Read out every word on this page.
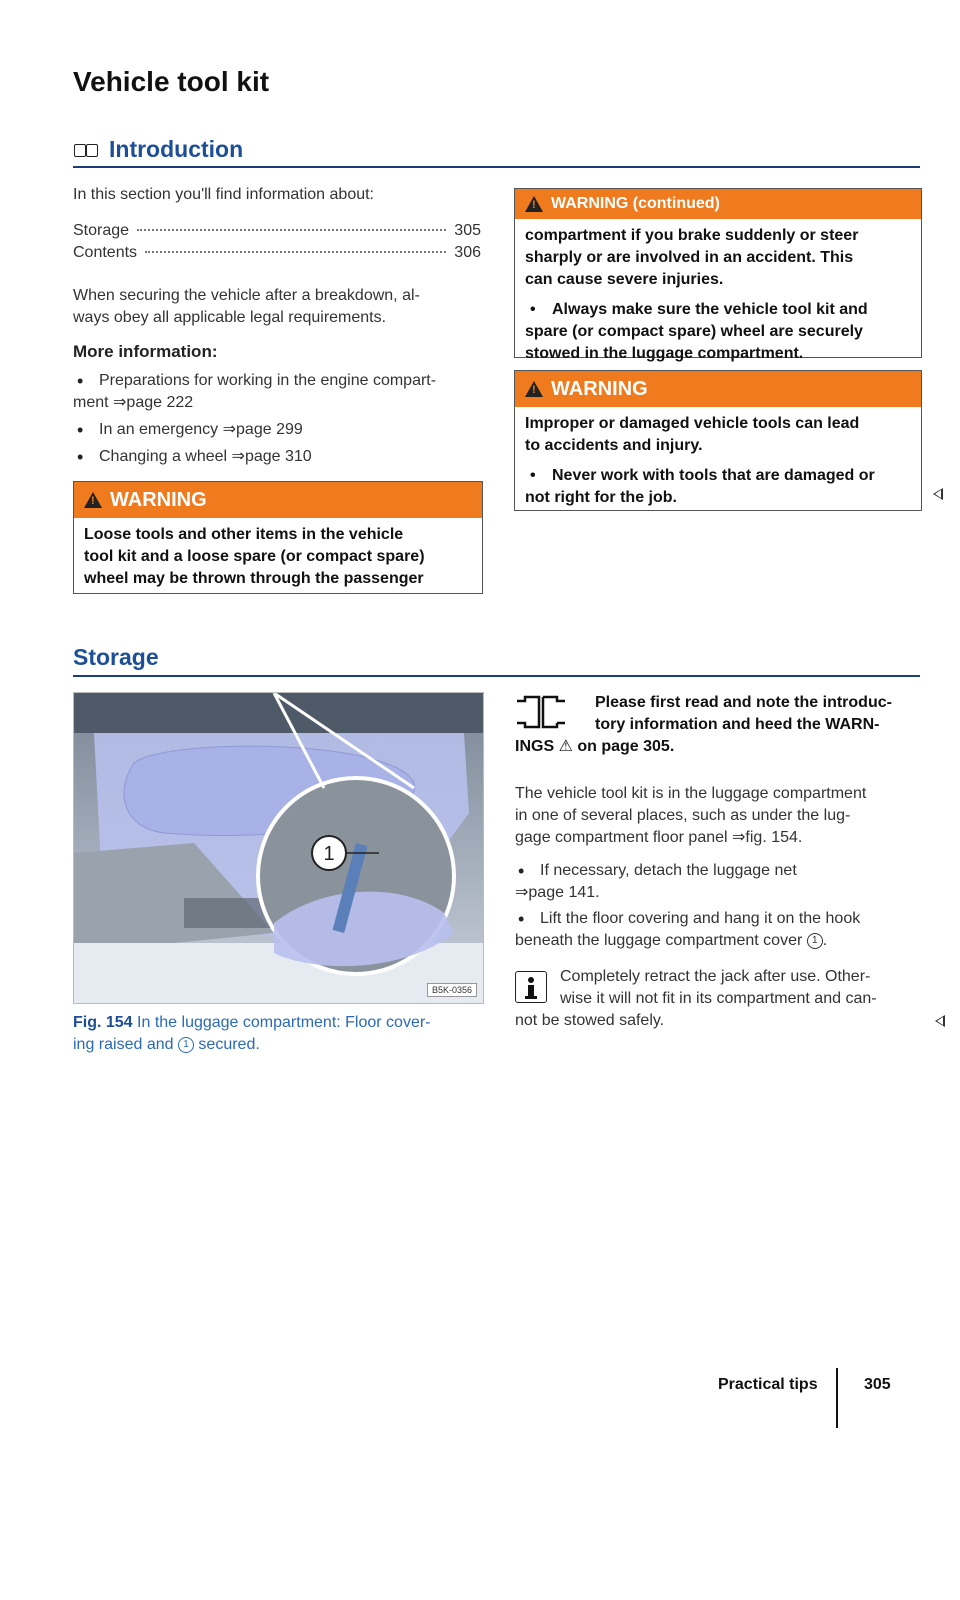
Vehicle tool kit
Introduction
In this section you'll find information about:
Storage	305
Contents	306
When securing the vehicle after a breakdown, al-
ways obey all applicable legal requirements.
More information:
• Preparations for working in the engine compart-
ment ⇒page 222
• In an emergency ⇒page 299
• Changing a wheel ⇒page 310
! WARNING
Loose tools and other items in the vehicle
tool kit and a loose spare (or compact spare)
wheel may be thrown through the passenger
! WARNING (continued)
compartment if you brake suddenly or steer
sharply or are involved in an accident. This
can cause severe injuries.
• Always make sure the vehicle tool kit and
spare (or compact spare) wheel are securely
stowed in the luggage compartment.
! WARNING
Improper or damaged vehicle tools can lead
to accidents and injury.
• Never work with tools that are damaged or
not right for the job.
Storage
1
B5K-0356
Fig. 154 In the luggage compartment: Floor cover-
ing raised and 1 secured.
Please first read and note the introduc-
tory information and heed the WARN-
INGS ⚠ on page 305.
The vehicle tool kit is in the luggage compartment
in one of several places, such as under the lug-
gage compartment floor panel ⇒fig. 154.
• If necessary, detach the luggage net
⇒page 141.
• Lift the floor covering and hang it on the hook
beneath the luggage compartment cover 1 .
Completely retract the jack after use. Other-
wise it will not fit in its compartment and can-
not be stowed safely.
Practical tips	305
